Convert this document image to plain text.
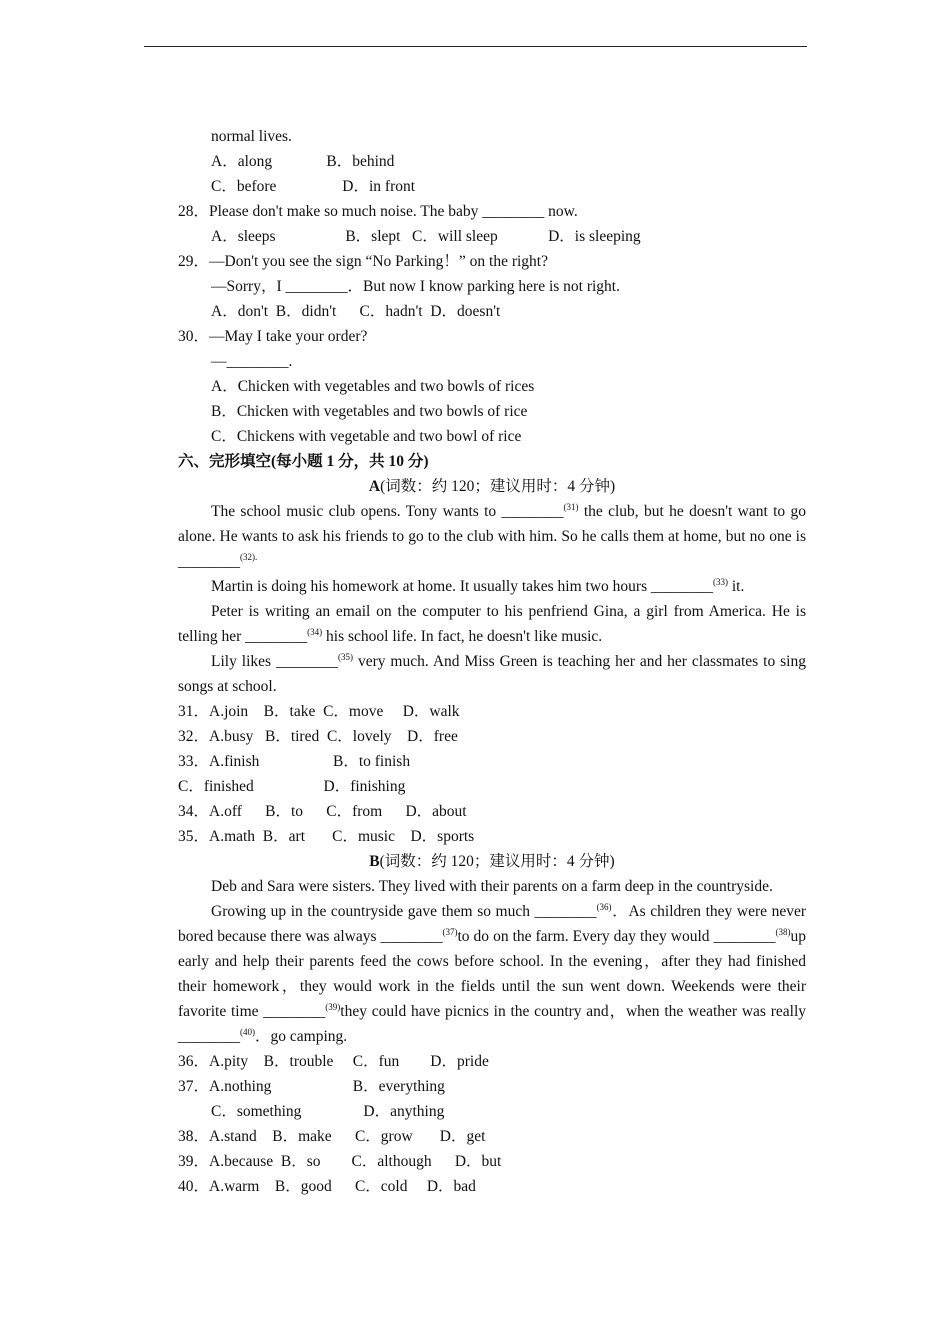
normal lives.
A．along              B．behind
C．before                 D．in front
28．Please don't make so much noise. The baby ________ now.
A．sleeps                  B．slept   C．will sleep             D．is sleeping
29．—Don't you see the sign “No Parking！” on the right?
—Sorry，I ________．But now I know parking here is not right.
A．don't  B．didn't      C．hadn't  D．doesn't
30．—May I take your order?
—________.
A．Chicken with vegetables and two bowls of rices
B．Chicken with vegetables and two bowls of rice
C．Chickens with vegetable and two bowl of rice
六、完形填空(每小题 1 分，共 10 分)
A(词数：约 120；建议用时：4 分钟)
The school music club opens. Tony wants to ________$^{(31)}$ the club, but he doesn't want to go alone. He wants to ask his friends to go to the club with him. So he calls them at home, but no one is ________$^{(32).}$
Martin is doing his homework at home. It usually takes him two hours ________$^{(33)}$ it.
Peter is writing an email on the computer to his penfriend Gina, a girl from America. He is telling her ________$^{(34)}$ his school life. In fact, he doesn't like music.
Lily likes ________$^{(35)}$ very much. And Miss Green is teaching her and her classmates to sing songs at school.
31．A.join    B．take  C．move     D．walk
32．A.busy   B．tired  C．lovely    D．free
33．A.finish                   B．to finish
C．finished                  D．finishing
34．A.off      B．to      C．from      D．about
35．A.math  B．art       C．music    D．sports
B(词数：约 120；建议用时：4 分钟)
Deb and Sara were sisters. They lived with their parents on a farm deep in the countryside.
Growing up in the countryside gave them so much ________$^{(36)}$．As children they were never bored because there was always ________$^{(37)}$to do on the farm. Every day they would ________$^{(38)}$up early and help their parents feed the cows before school. In the evening，after they had finished their homework，they would work in the fields until the sun went down. Weekends were their favorite time ________$^{(39)}$they could have picnics in the country and，when the weather was really ________$^{(40)}$．go camping.
36．A.pity    B．trouble     C．fun        D．pride
37．A.nothing                     B．everything
C．something                D．anything
38．A.stand    B．make      C．grow       D．get
39．A.because  B．so        C．although      D．but
40．A.warm    B．good      C．cold     D．bad
